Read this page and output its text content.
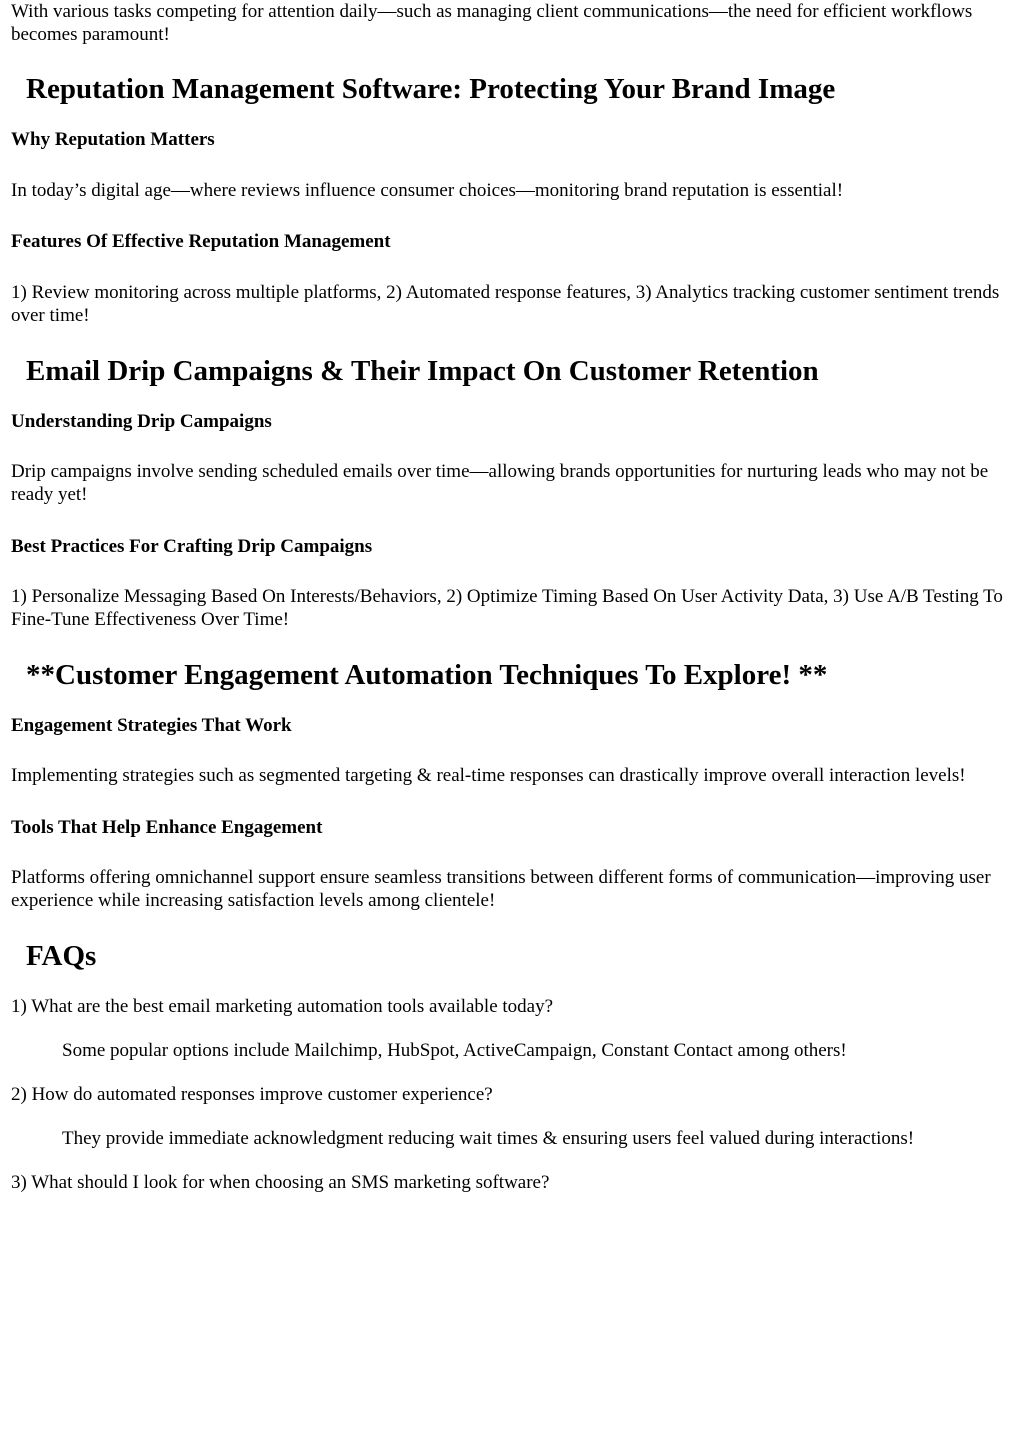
With various tasks competing for attention daily—such as managing client communications—the need for efficient workflows becomes paramount!

Reputation Management Software: Protecting Your Brand Image
Why Reputation Matters

In today’s digital age—where reviews influence consumer choices—monitoring brand reputation is essential!

Features Of Effective Reputation Management

1) Review monitoring across multiple platforms, 2) Automated response features, 3) Analytics tracking customer sentiment trends over time!

Email Drip Campaigns & Their Impact On Customer Retention
Understanding Drip Campaigns

Drip campaigns involve sending scheduled emails over time—allowing brands opportunities for nurturing leads who may not be ready yet!

Best Practices For Crafting Drip Campaigns

1) Personalize Messaging Based On Interests/Behaviors, 2) Optimize Timing Based On User Activity Data, 3) Use A/B Testing To Fine-Tune Effectiveness Over Time!

**Customer Engagement Automation Techniques To Explore! **
Engagement Strategies That Work

Implementing strategies such as segmented targeting & real-time responses can drastically improve overall interaction levels!

Tools That Help Enhance Engagement

Platforms offering omnichannel support ensure seamless transitions between different forms of communication—improving user experience while increasing satisfaction levels among clientele!

FAQs

1) What are the best email marketing automation tools available today?

Some popular options include Mailchimp, HubSpot, ActiveCampaign, Constant Contact among others!

2) How do automated responses improve customer experience?

They provide immediate acknowledgment reducing wait times & ensuring users feel valued during interactions!

3) What should I look for when choosing an SMS marketing software?
